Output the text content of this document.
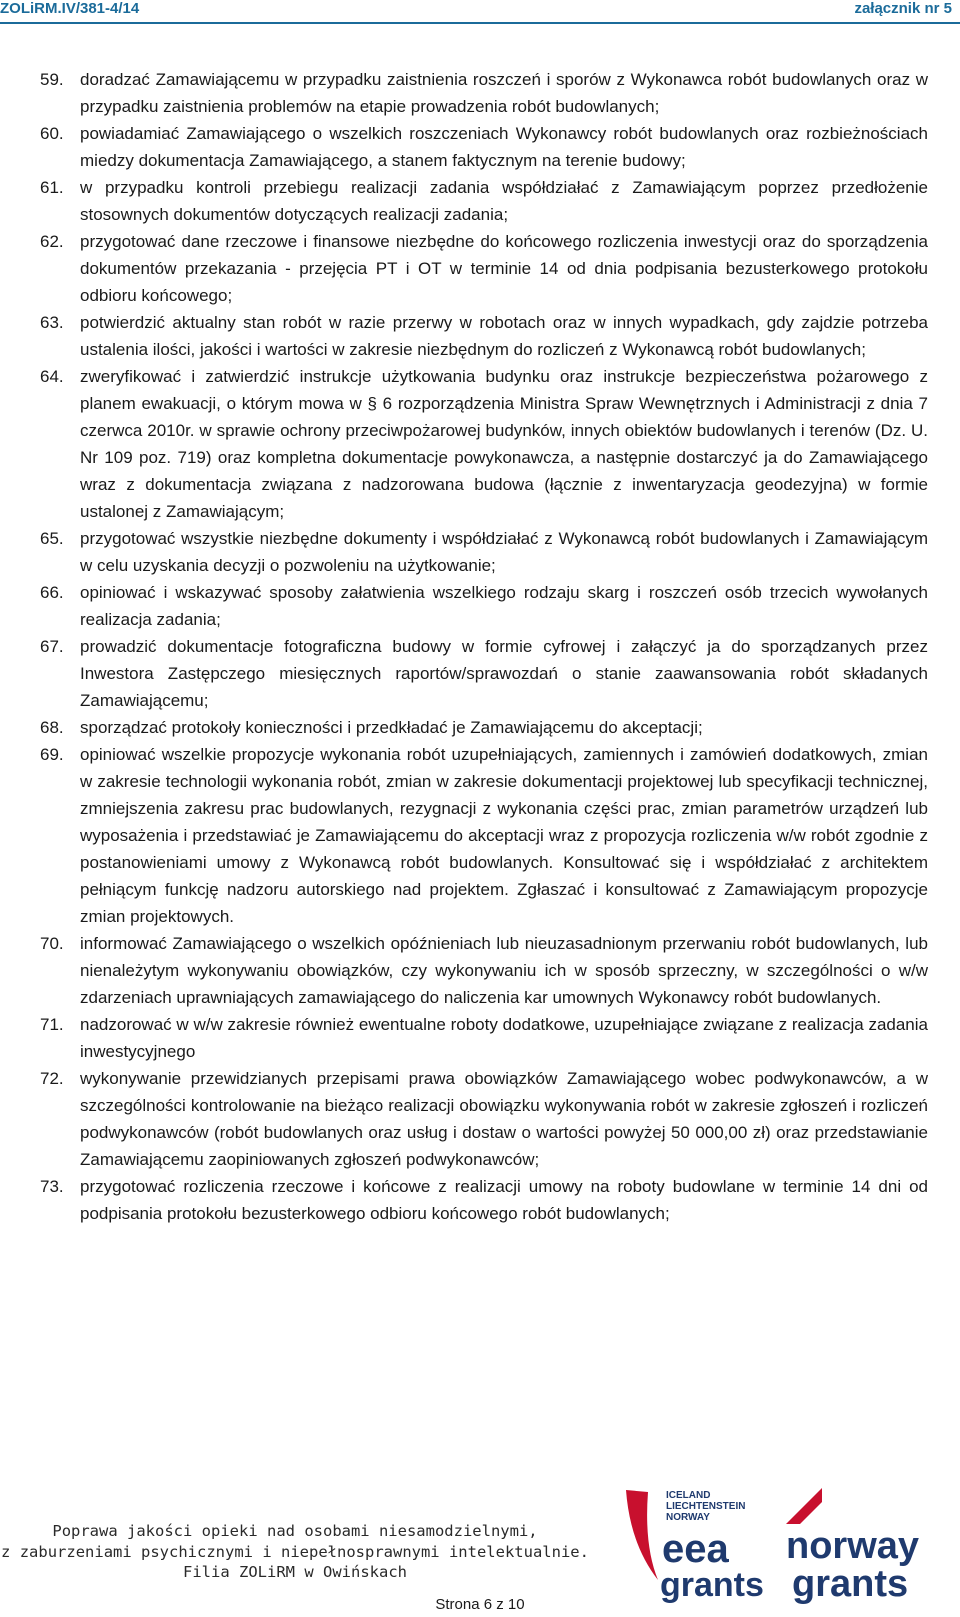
ZOLiRM.IV/381-4/14	załącznik nr 5
59. doradzać Zamawiającemu w przypadku zaistnienia roszczeń i sporów z Wykonawca robót budowlanych oraz w przypadku zaistnienia problemów na etapie prowadzenia robót budowlanych;
60. powiadamiać Zamawiającego o wszelkich roszczeniach Wykonawcy robót budowlanych oraz rozbieżnościach miedzy dokumentacja Zamawiającego, a stanem faktycznym na terenie budowy;
61. w przypadku kontroli przebiegu realizacji zadania współdziałać z Zamawiającym poprzez przedłożenie stosownych dokumentów dotyczących realizacji zadania;
62. przygotować dane rzeczowe i finansowe niezbędne do końcowego rozliczenia inwestycji oraz do sporządzenia dokumentów przekazania - przejęcia PT i OT w terminie 14 od dnia podpisania bezusterkowego protokołu odbioru końcowego;
63. potwierdzić aktualny stan robót w razie przerwy w robotach oraz w innych wypadkach, gdy zajdzie potrzeba ustalenia ilości, jakości i wartości w zakresie niezbędnym do rozliczeń z Wykonawcą robót budowlanych;
64. zweryfikować i zatwierdzić instrukcje użytkowania budynku oraz instrukcje bezpieczeństwa pożarowego z planem ewakuacji, o którym mowa w § 6 rozporządzenia Ministra Spraw Wewnętrznych i Administracji z dnia 7 czerwca 2010r. w sprawie ochrony przeciwpożarowej budynków, innych obiektów budowlanych i terenów (Dz. U. Nr 109 poz. 719) oraz kompletna dokumentacje powykonawcza, a następnie dostarczyć ja do Zamawiającego wraz z dokumentacja związana z nadzorowana budowa (łącznie z inwentaryzacja geodezyjna) w formie ustalonej z Zamawiającym;
65. przygotować wszystkie niezbędne dokumenty i współdziałać z Wykonawcą robót budowlanych i Zamawiającym w celu uzyskania decyzji o pozwoleniu na użytkowanie;
66. opiniować i wskazywać sposoby załatwienia wszelkiego rodzaju skarg i roszczeń osób trzecich wywołanych realizacja zadania;
67. prowadzić dokumentacje fotograficzna budowy w formie cyfrowej i załączyć ja do sporządzanych przez Inwestora Zastępczego miesięcznych raportów/sprawozdań o stanie zaawansowania robót składanych Zamawiającemu;
68. sporządzać protokoły konieczności i przedkładać je Zamawiającemu do akceptacji;
69. opiniować wszelkie propozycje wykonania robót uzupełniających, zamiennych i zamówień dodatkowych, zmian w zakresie technologii wykonania robót, zmian w zakresie dokumentacji projektowej lub specyfikacji technicznej, zmniejszenia zakresu prac budowlanych, rezygnacji z wykonania części prac, zmian parametrów urządzeń lub wyposażenia i przedstawiać je Zamawiającemu do akceptacji wraz z propozycja rozliczenia w/w robót zgodnie z postanowieniami umowy z Wykonawcą robót budowlanych. Konsultować się i współdziałać z architektem pełniącym funkcję nadzoru autorskiego nad projektem. Zgłaszać i konsultować z Zamawiającym propozycje zmian projektowych.
70. informować Zamawiającego o wszelkich opóźnieniach lub nieuzasadnionym przerwaniu robót budowlanych, lub nienależytym wykonywaniu obowiązków, czy wykonywaniu ich w sposób sprzeczny, w szczególności o w/w zdarzeniach uprawniających zamawiającego do naliczenia kar umownych Wykonawcy robót budowlanych.
71. nadzorować w w/w zakresie również ewentualne roboty dodatkowe, uzupełniające związane z realizacja zadania inwestycyjnego
72. wykonywanie przewidzianych przepisami prawa obowiązków Zamawiającego wobec podwykonawców, a w szczególności kontrolowanie na bieżąco realizacji obowiązku wykonywania robót w zakresie zgłoszeń i rozliczeń podwykonawców (robót budowlanych oraz usług i dostaw o wartości powyżej 50 000,00 zł) oraz przedstawianie Zamawiającemu zaopiniowanych zgłoszeń podwykonawców;
73. przygotować rozliczenia rzeczowe i końcowe z realizacji umowy na roboty budowlane w terminie 14 dni od podpisania protokołu bezusterkowego odbioru końcowego robót budowlanych;
Poprawa jakości opieki nad osobami niesamodzielnymi,
z zaburzeniami psychicznymi i niepełnosprawnymi intelektualnie.
Filia ZOLiRM w Owińskach
ICELAND
LIECHTENSTEIN
NORWAY
eea
grants
norway
grants
Strona 6 z 10
